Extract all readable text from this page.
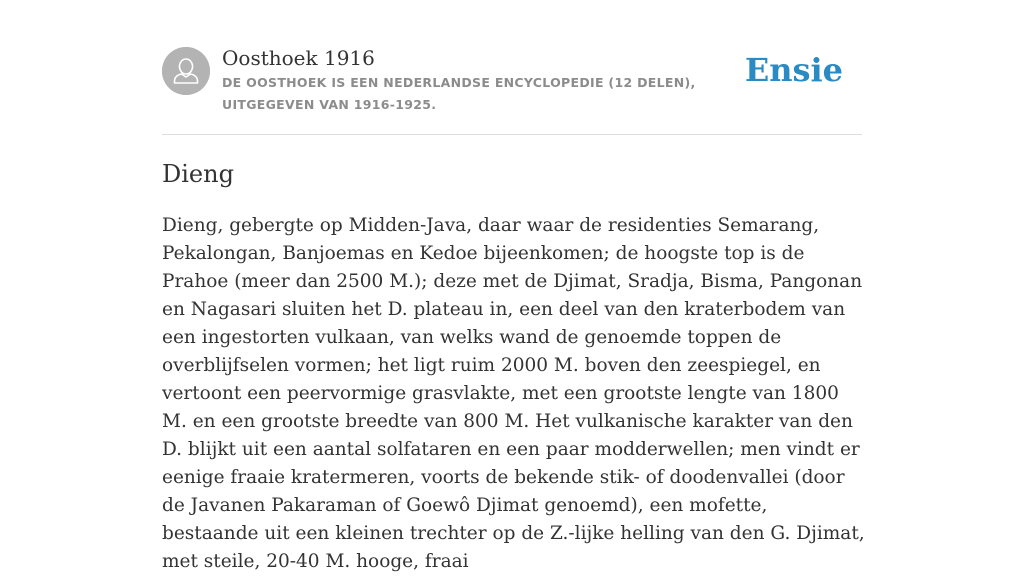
Oosthoek 1916
DE OOSTHOEK IS EEN NEDERLANDSE ENCYCLOPEDIE (12 DELEN), UITGEGEVEN VAN 1916-1925.
Ensie
Dieng

Dieng, gebergte op Midden-Java, daar waar de residenties Semarang, Pekalongan, Banjoemas en Kedoe bijeenkomen; de hoogste top is de Prahoe (meer dan 2500 M.); deze met de Djimat, Sradja, Bisma, Pangonan en Nagasari sluiten het D. plateau in, een deel van den kraterbodem van een ingestorten vulkaan, van welks wand de genoemde toppen de overblijfselen vormen; het ligt ruim 2000 M. boven den zeespiegel, en vertoont een peervormige grasvlakte, met een grootste lengte van 1800 M. en een grootste breedte van 800 M. Het vulkanische karakter van den D. blijkt uit een aantal solfataren en een paar modderwellen; men vindt er eenige fraaie kratermeren, voorts de bekende stik- of doodenvallei (door de Javanen Pakaraman of Goewô Djimat genoemd), een mofette, bestaande uit een kleinen trechter op de Z.-lijke helling van den G. Djimat, met steile, 20-40 M. hooge, fraai
